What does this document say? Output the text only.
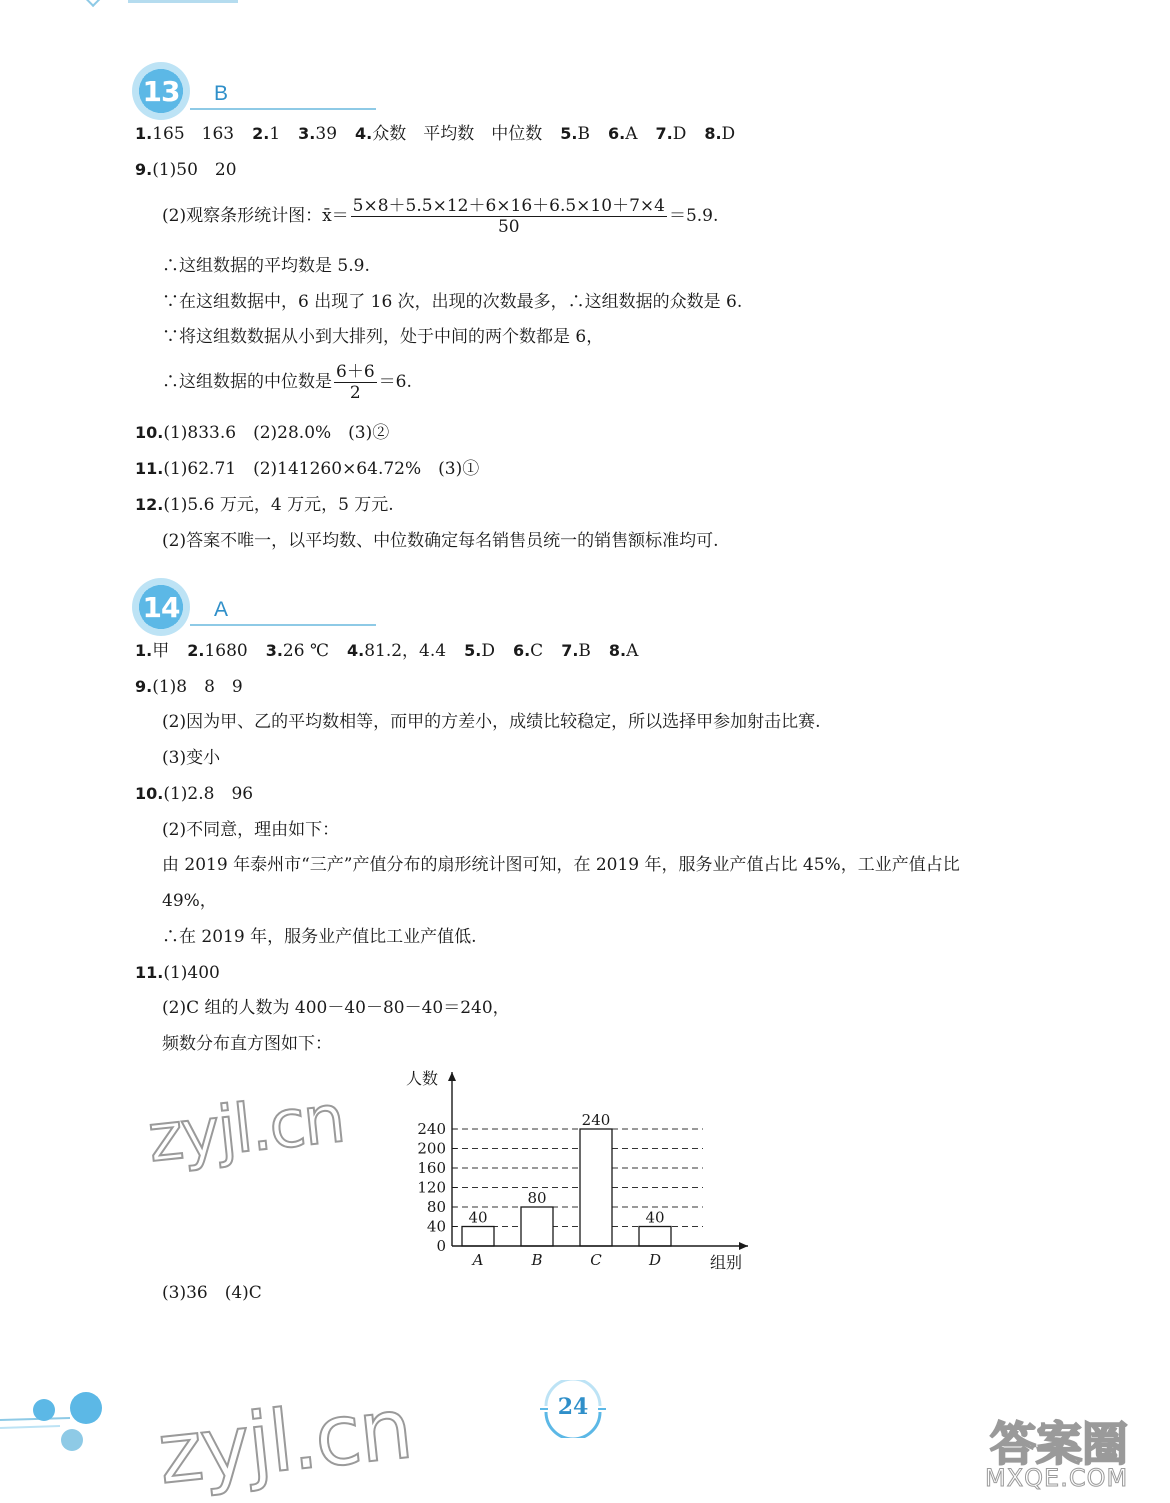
13	B
1.165　163 2.1 3.39 4.众数　平均数　中位数 5.B 6.A 7.D 8.D
9.(1)50　20
(2)观察条形统计图：x̄＝ $\frac{5\times 8+5.5\times 12+6\times 16+6.5\times 10+7\times 4}{50} =5.9$.
∴这组数据的平均数是 5.9.
∵在这组数据中，6 出现了 16 次，出现的次数最多，∴这组数据的众数是 6.
∵将这组数数据从小到大排列，处于中间的两个数都是 6，
∴这组数据的中位数是 $\frac{6+6}{2} =6$.
10.(1)833.6　(2)28.0%　(3)②
11.(1)62.71　(2)141260×64.72%　(3)①
12.(1)5.6 万元，4 万元，5 万元.
(2)答案不唯一，以平均数、中位数确定每名销售员统一的销售额标准均可.
14	A
1.甲 2.1680 3.26 ℃ 4.81.2，4.4 5.D 6.C 7.B 8.A
9.(1)8　8　9
(2)因为甲、乙的平均数相等，而甲的方差小，成绩比较稳定，所以选择甲参加射击比赛.
(3)变小
10.(1)2.8　96
(2)不同意，理由如下：
由 2019 年泰州市“三产”产值分布的扇形统计图可知，在 2019 年，服务业产值占比 45%，工业产值占比
49%，
∴在 2019 年，服务业产值比工业产值低.
11.(1)400
(2)C 组的人数为 400－40－80－40＝240，
频数分布直方图如下：
40
A
80
B
240
C
40
D
0
40
80
120
160
200
240
人数
组别
(3)36　(4)C
zyjl.cn
zyjl.cn	答案圈
MXQE.COM
24
